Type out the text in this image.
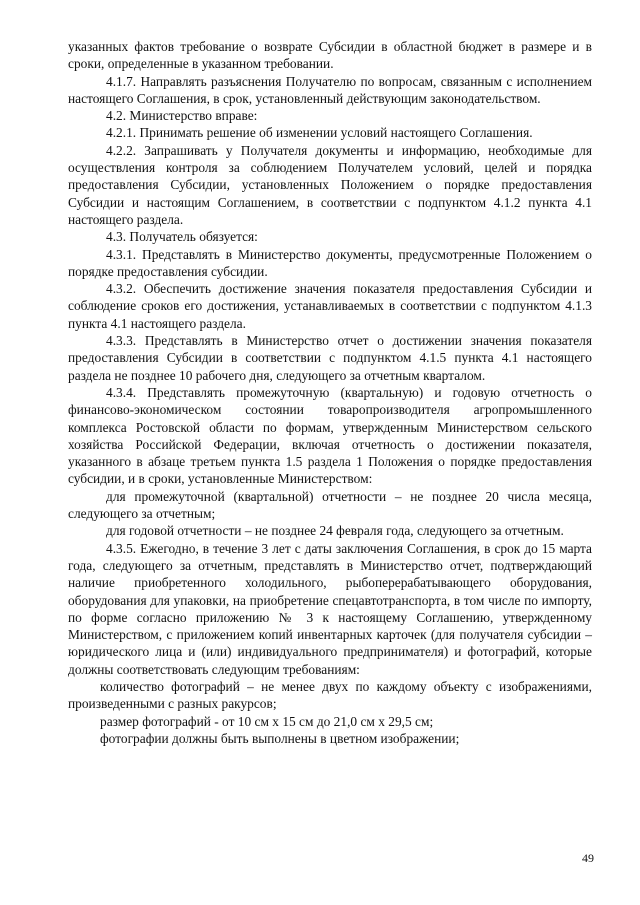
указанных фактов требование о возврате Субсидии в областной бюджет в размере и в сроки, определенные в указанном требовании.

4.1.7. Направлять разъяснения Получателю по вопросам, связанным с исполнением настоящего Соглашения, в срок, установленный действующим законодательством.

4.2. Министерство вправе:

4.2.1. Принимать решение об изменении условий настоящего Соглашения.

4.2.2. Запрашивать у Получателя документы и информацию, необходимые для осуществления контроля за соблюдением Получателем условий, целей и порядка предоставления Субсидии, установленных Положением о порядке предоставления Субсидии и настоящим Соглашением, в соответствии с подпунктом 4.1.2 пункта 4.1 настоящего раздела.

4.3. Получатель обязуется:

4.3.1. Представлять в Министерство документы, предусмотренные Положением о порядке предоставления субсидии.

4.3.2. Обеспечить достижение значения показателя предоставления Субсидии и соблюдение сроков его достижения, устанавливаемых в соответствии с подпунктом 4.1.3 пункта 4.1 настоящего раздела.

4.3.3. Представлять в Министерство отчет о достижении значения показателя предоставления Субсидии в соответствии с подпунктом 4.1.5 пункта 4.1 настоящего раздела не позднее 10 рабочего дня, следующего за отчетным кварталом.

4.3.4. Представлять промежуточную (квартальную) и годовую отчетность о финансово-экономическом состоянии товаропроизводителя агропромышленного комплекса Ростовской области по формам, утвержденным Министерством сельского хозяйства Российской Федерации, включая отчетность о достижении показателя, указанного в абзаце третьем пункта 1.5 раздела 1 Положения о порядке предоставления субсидии, и в сроки, установленные Министерством:

для промежуточной (квартальной) отчетности – не позднее 20 числа месяца, следующего за отчетным;

для годовой отчетности – не позднее 24 февраля года, следующего за отчетным.

4.3.5. Ежегодно, в течение 3 лет с даты заключения Соглашения, в срок до 15 марта года, следующего за отчетным, представлять в Министерство отчет, подтверждающий наличие приобретенного холодильного, рыбоперерабатывающего оборудования, оборудования для упаковки, на приобретение спецавтотранспорта, в том числе по импорту, по форме согласно приложению № 3 к настоящему Соглашению, утвержденному Министерством, с приложением копий инвентарных карточек (для получателя субсидии – юридического лица и (или) индивидуального предпринимателя) и фотографий, которые должны соответствовать следующим требованиям:

количество фотографий – не менее двух по каждому объекту с изображениями, произведенными с разных ракурсов;

размер фотографий - от 10 см х 15 см до 21,0 см х 29,5 см;

фотографии должны быть выполнены в цветном изображении;

49
